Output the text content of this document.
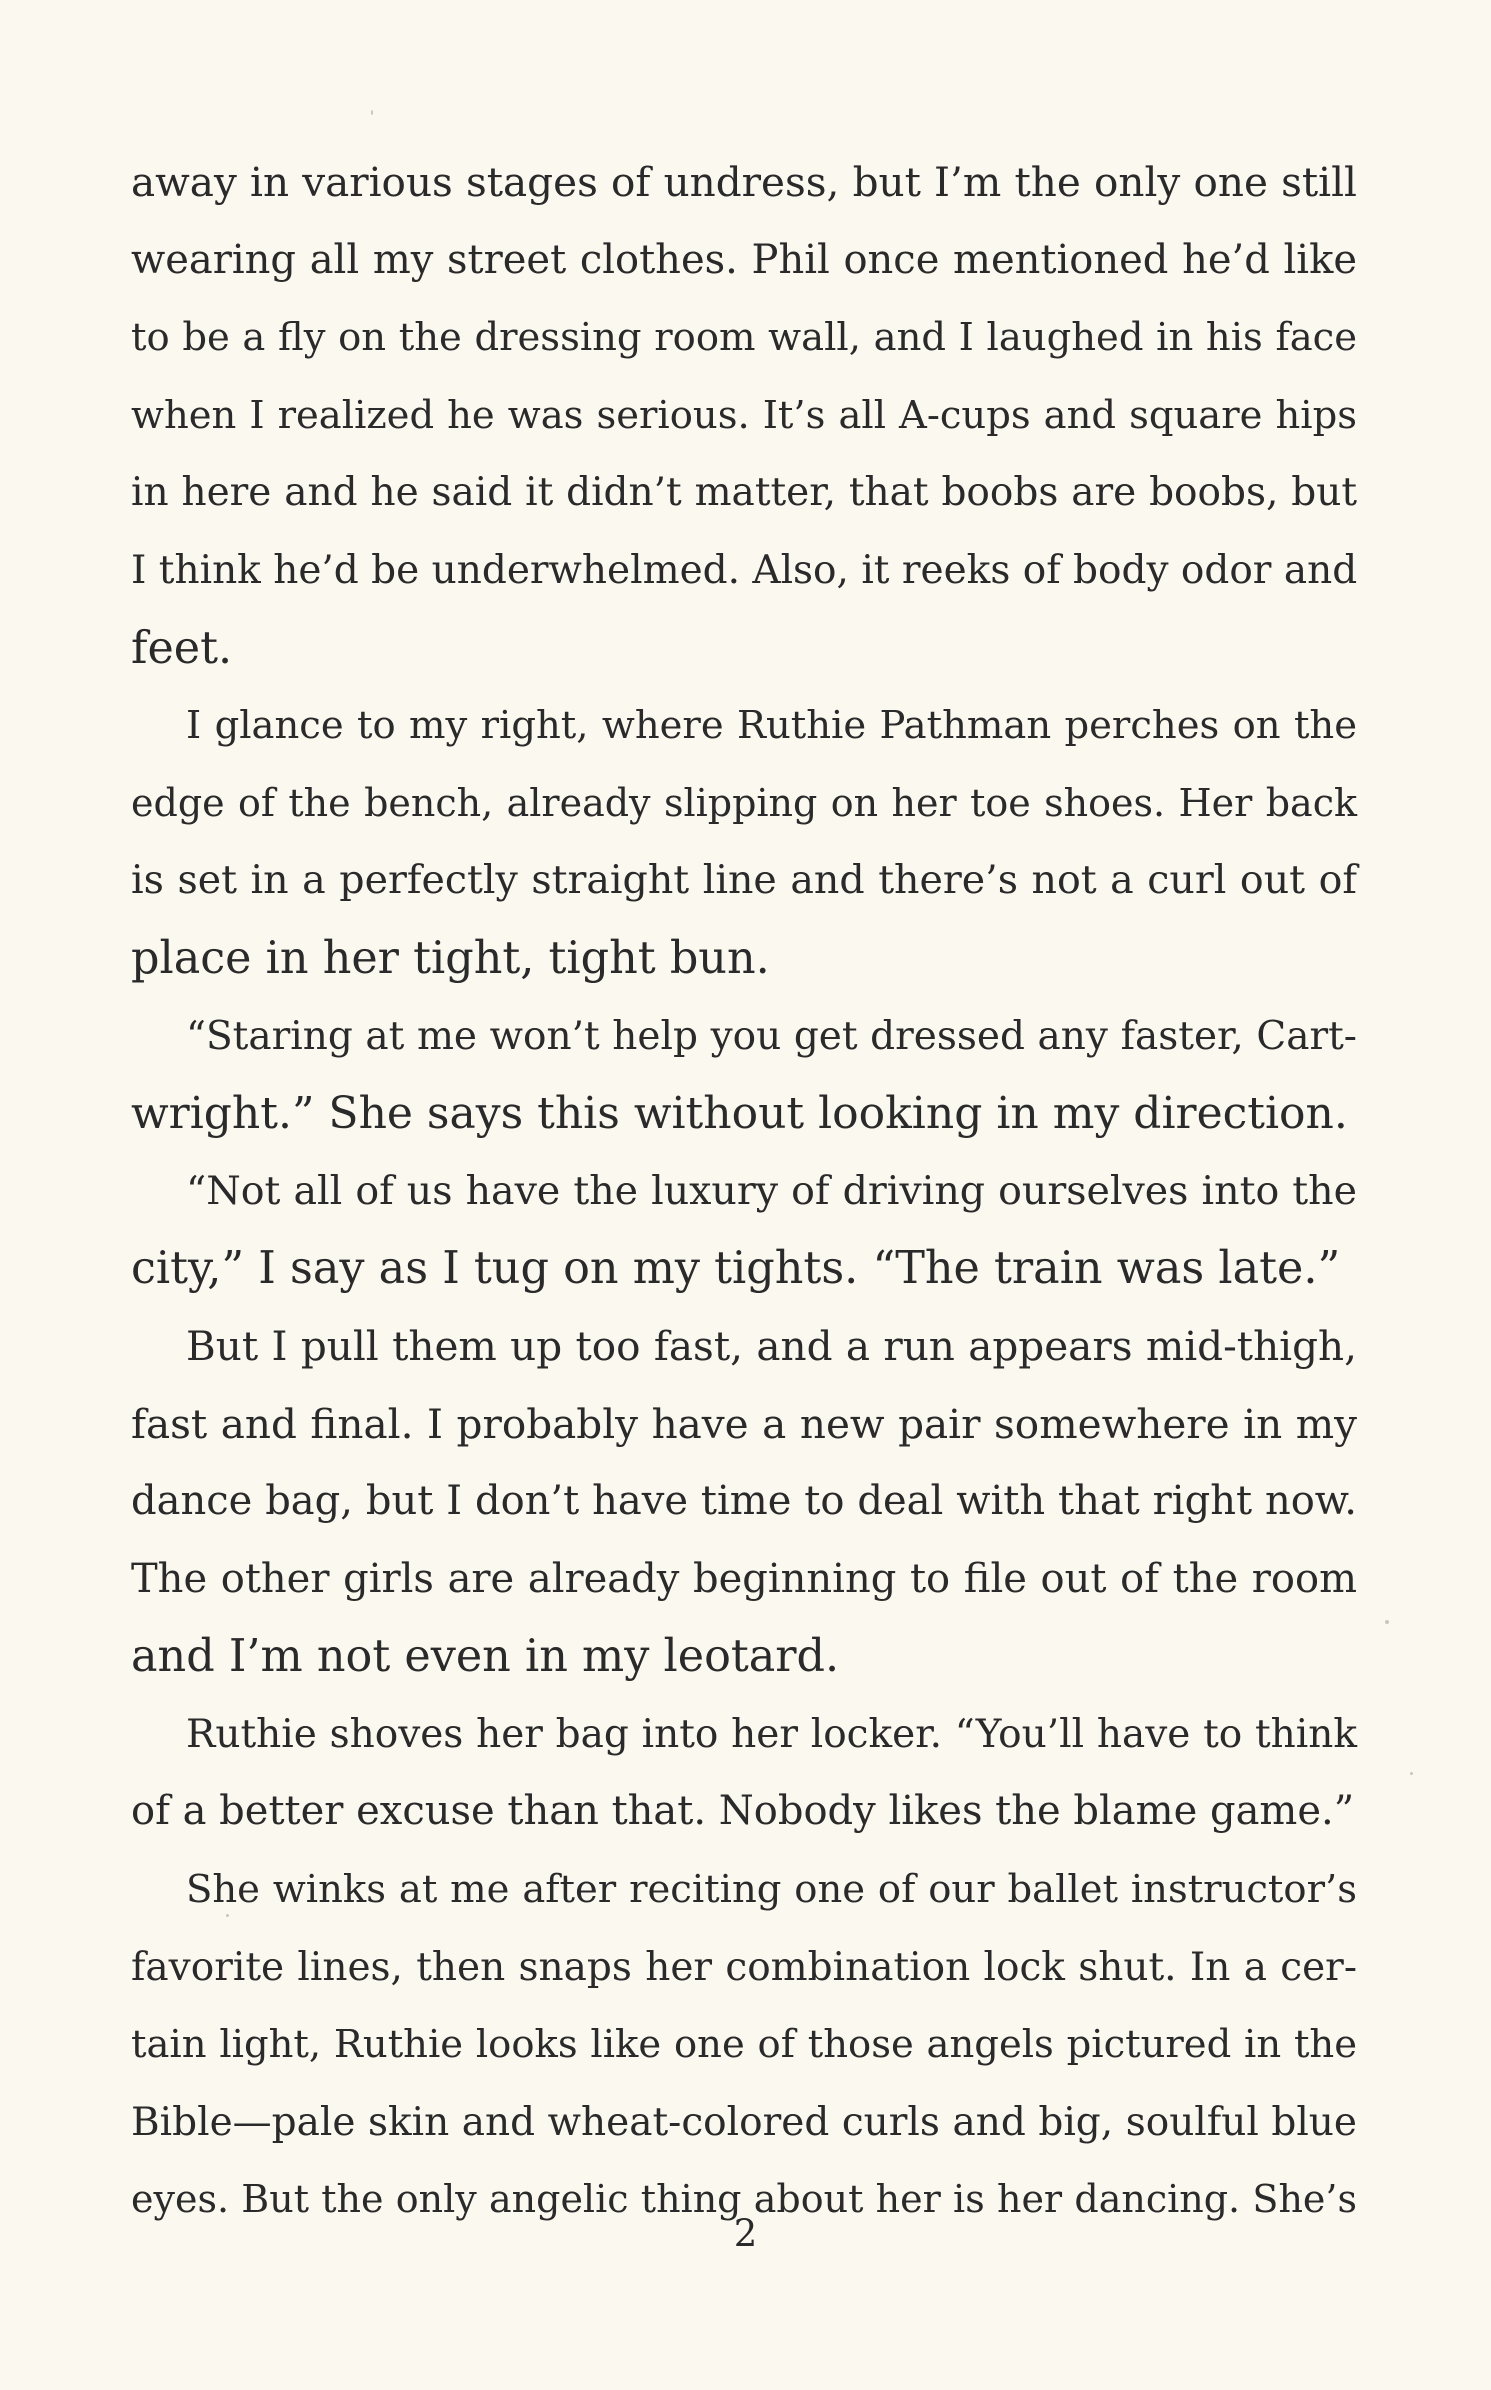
away in various stages of undress, but I’m the only one still
wearing all my street clothes. Phil once mentioned he’d like
to be a fly on the dressing room wall, and I laughed in his face
when I realized he was serious. It’s all A-cups and square hips
in here and he said it didn’t matter, that boobs are boobs, but
I think he’d be underwhelmed. Also, it reeks of body odor and
feet.
I glance to my right, where Ruthie Pathman perches on the
edge of the bench, already slipping on her toe shoes. Her back
is set in a perfectly straight line and there’s not a curl out of
place in her tight, tight bun.
“Staring at me won’t help you get dressed any faster, Cart-
wright.” She says this without looking in my direction.
“Not all of us have the luxury of driving ourselves into the
city,” I say as I tug on my tights. “The train was late.”
But I pull them up too fast, and a run appears mid-thigh,
fast and final. I probably have a new pair somewhere in my
dance bag, but I don’t have time to deal with that right now.
The other girls are already beginning to file out of the room
and I’m not even in my leotard.
Ruthie shoves her bag into her locker. “You’ll have to think
of a better excuse than that. Nobody likes the blame game.”
She winks at me after reciting one of our ballet instructor’s
favorite lines, then snaps her combination lock shut. In a cer-
tain light, Ruthie looks like one of those angels pictured in the
Bible—pale skin and wheat-colored curls and big, soulful blue
eyes. But the only angelic thing about her is her dancing. She’s
2
